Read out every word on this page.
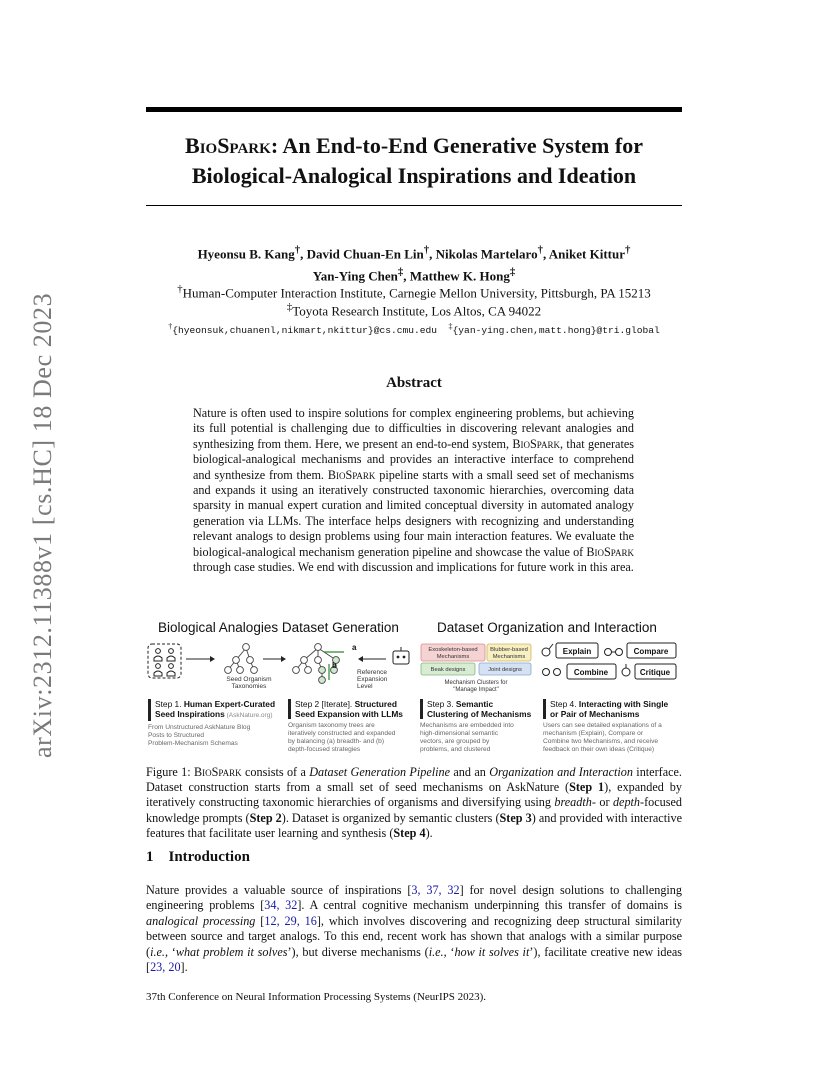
arXiv:2312.11388v1 [cs.HC] 18 Dec 2023
BioSpark: An End-to-End Generative System for
Biological-Analogical Inspirations and Ideation
Hyeonsu B. Kang†, David Chuan-En Lin†, Nikolas Martelaro†, Aniket Kittur†
Yan-Ying Chen‡, Matthew K. Hong‡
†Human-Computer Interaction Institute, Carnegie Mellon University, Pittsburgh, PA 15213
‡Toyota Research Institute, Los Altos, CA 94022
†{hyeonsuk,chuanenl,nikmart,nkittur}@cs.cmu.edu ‡{yan-ying.chen,matt.hong}@tri.global
Abstract
Nature is often used to inspire solutions for complex engineering problems, but achieving its full potential is challenging due to difficulties in discovering relevant analogies and synthesizing from them. Here, we present an end-to-end system, BioSpark, that generates biological-analogical mechanisms and provides an interactive interface to comprehend and synthesize from them. BioSpark pipeline starts with a small seed set of mechanisms and expands it using an iteratively constructed taxonomic hierarchies, overcoming data sparsity in manual expert curation and limited conceptual diversity in automated analogy generation via LLMs. The interface helps designers with recognizing and understanding relevant analogs to design problems using four main interaction features. We evaluate the biological-analogical mechanism generation pipeline and showcase the value of BioSpark through case studies. We end with discussion and implications for future work in this area.
Biological Analogies Dataset Generation	Dataset Organization and Interaction
Seed Organism Taxonomies
a
b
Reference Expansion Level
Exoskeleton-based Mechanisms
Blubber-based Mechanisms
Beak designs	Joint designs
Mechanism Clusters for "Manage Impact"
Explain	Compare
Combine	Critique
Step 1. Human Expert-Curated
Seed Inspirations (AskNature.org)
From Unstructured AskNature Blog
Posts to Structured
Problem-Mechanism Schemas
Step 2 [Iterate]. Structured
Seed Expansion with LLMs
Organism taxonomy trees are
iteratively constructed and expanded
by balancing (a) breadth- and (b)
depth-focused strategies
Step 3. Semantic
Clustering of Mechanisms
Mechanisms are embedded into
high-dimensional semantic
vectors, are grouped by
problems, and clustered
Step 4. Interacting with Single
or Pair of Mechanisms
Users can see detailed explanations of a
mechanism (Explain), Compare or
Combine two Mechanisms, and receive
feedback on their own ideas (Critique)
Figure 1: BioSpark consists of a Dataset Generation Pipeline and an Organization and Interaction interface. Dataset construction starts from a small set of seed mechanisms on AskNature (Step 1), expanded by iteratively constructing taxonomic hierarchies of organisms and diversifying using breadth- or depth-focused knowledge prompts (Step 2). Dataset is organized by semantic clusters (Step 3) and provided with interactive features that facilitate user learning and synthesis (Step 4).
1 Introduction
Nature provides a valuable source of inspirations [3, 37, 32] for novel design solutions to challenging engineering problems [34, 32]. A central cognitive mechanism underpinning this transfer of domains is analogical processing [12, 29, 16], which involves discovering and recognizing deep structural similarity between source and target analogs. To this end, recent work has shown that analogs with a similar purpose (i.e., ‘what problem it solves’), but diverse mechanisms (i.e., ‘how it solves it’), facilitate creative new ideas [23, 20].
37th Conference on Neural Information Processing Systems (NeurIPS 2023).
